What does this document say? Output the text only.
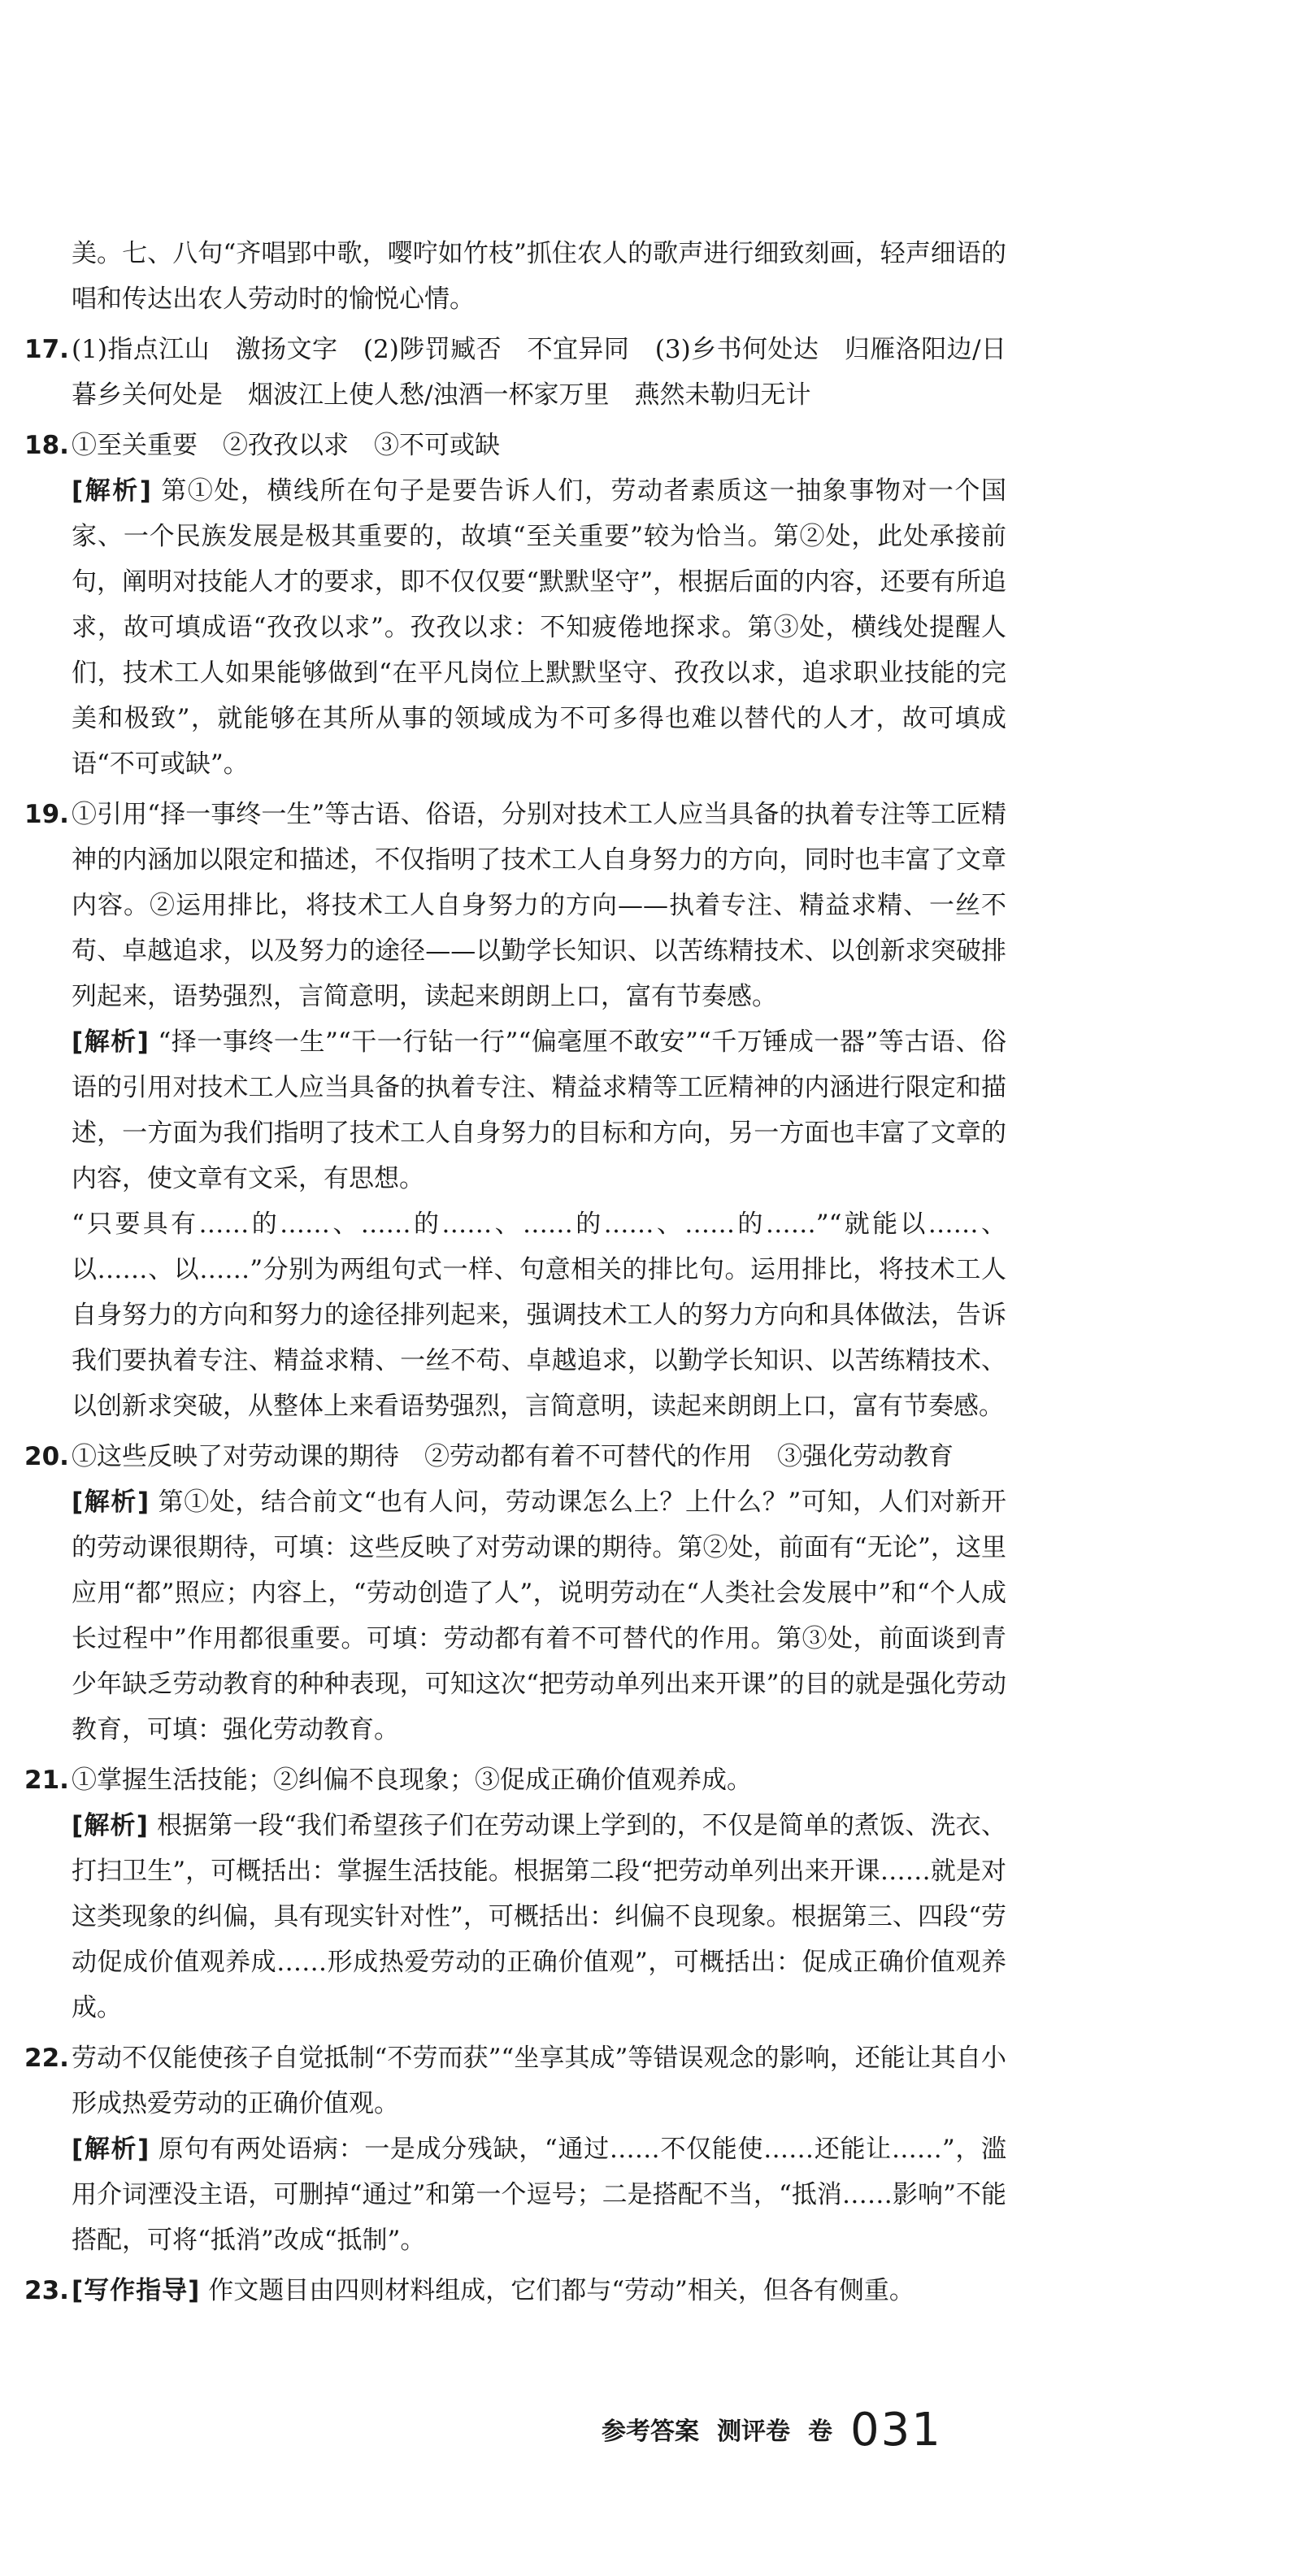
美。七、八句“齐唱郢中歌，嘤咛如竹枝”抓住农人的歌声进行细致刻画，轻声细语的唱和传达出农人劳动时的愉悦心情。

17. (1)指点江山　激扬文字　(2)陟罚臧否　不宜异同　(3)乡书何处达　归雁洛阳边/日暮乡关何处是　烟波江上使人愁/浊酒一杯家万里　燕然未勒归无计

18. ①至关重要　②孜孜以求　③不可或缺

[解析] 第①处，横线所在句子是要告诉人们，劳动者素质这一抽象事物对一个国家、一个民族发展是极其重要的，故填“至关重要”较为恰当。第②处，此处承接前句，阐明对技能人才的要求，即不仅仅要“默默坚守”，根据后面的内容，还要有所追求，故可填成语“孜孜以求”。孜孜以求：不知疲倦地探求。第③处，横线处提醒人们，技术工人如果能够做到“在平凡岗位上默默坚守、孜孜以求，追求职业技能的完美和极致”，就能够在其所从事的领域成为不可多得也难以替代的人才，故可填成语“不可或缺”。

19. ①引用“择一事终一生”等古语、俗语，分别对技术工人应当具备的执着专注等工匠精神的内涵加以限定和描述，不仅指明了技术工人自身努力的方向，同时也丰富了文章内容。②运用排比，将技术工人自身努力的方向——执着专注、精益求精、一丝不苟、卓越追求，以及努力的途径——以勤学长知识、以苦练精技术、以创新求突破排列起来，语势强烈，言简意明，读起来朗朗上口，富有节奏感。

[解析] “择一事终一生”“干一行钻一行”“偏毫厘不敢安”“千万锤成一器”等古语、俗语的引用对技术工人应当具备的执着专注、精益求精等工匠精神的内涵进行限定和描述，一方面为我们指明了技术工人自身努力的目标和方向，另一方面也丰富了文章的内容，使文章有文采，有思想。

“只要具有……的……、……的……、……的……、……的……”“就能以……、以……、以……”分别为两组句式一样、句意相关的排比句。运用排比，将技术工人自身努力的方向和努力的途径排列起来，强调技术工人的努力方向和具体做法，告诉我们要执着专注、精益求精、一丝不苟、卓越追求，以勤学长知识、以苦练精技术、以创新求突破，从整体上来看语势强烈，言简意明，读起来朗朗上口，富有节奏感。

20. ①这些反映了对劳动课的期待　②劳动都有着不可替代的作用　③强化劳动教育

[解析] 第①处，结合前文“也有人问，劳动课怎么上？上什么？”可知，人们对新开的劳动课很期待，可填：这些反映了对劳动课的期待。第②处，前面有“无论”，这里应用“都”照应；内容上，“劳动创造了人”，说明劳动在“人类社会发展中”和“个人成长过程中”作用都很重要。可填：劳动都有着不可替代的作用。第③处，前面谈到青少年缺乏劳动教育的种种表现，可知这次“把劳动单列出来开课”的目的就是强化劳动教育，可填：强化劳动教育。

21. ①掌握生活技能；②纠偏不良现象；③促成正确价值观养成。

[解析] 根据第一段“我们希望孩子们在劳动课上学到的，不仅是简单的煮饭、洗衣、打扫卫生”，可概括出：掌握生活技能。根据第二段“把劳动单列出来开课……就是对这类现象的纠偏，具有现实针对性”，可概括出：纠偏不良现象。根据第三、四段“劳动促成价值观养成……形成热爱劳动的正确价值观”，可概括出：促成正确价值观养成。

22. 劳动不仅能使孩子自觉抵制“不劳而获”“坐享其成”等错误观念的影响，还能让其自小形成热爱劳动的正确价值观。

[解析] 原句有两处语病：一是成分残缺，“通过……不仅能使……还能让……”，滥用介词湮没主语，可删掉“通过”和第一个逗号；二是搭配不当，“抵消……影响”不能搭配，可将“抵消”改成“抵制”。

23. [写作指导] 作文题目由四则材料组成，它们都与“劳动”相关，但各有侧重。

参考答案 测评卷 卷 031
